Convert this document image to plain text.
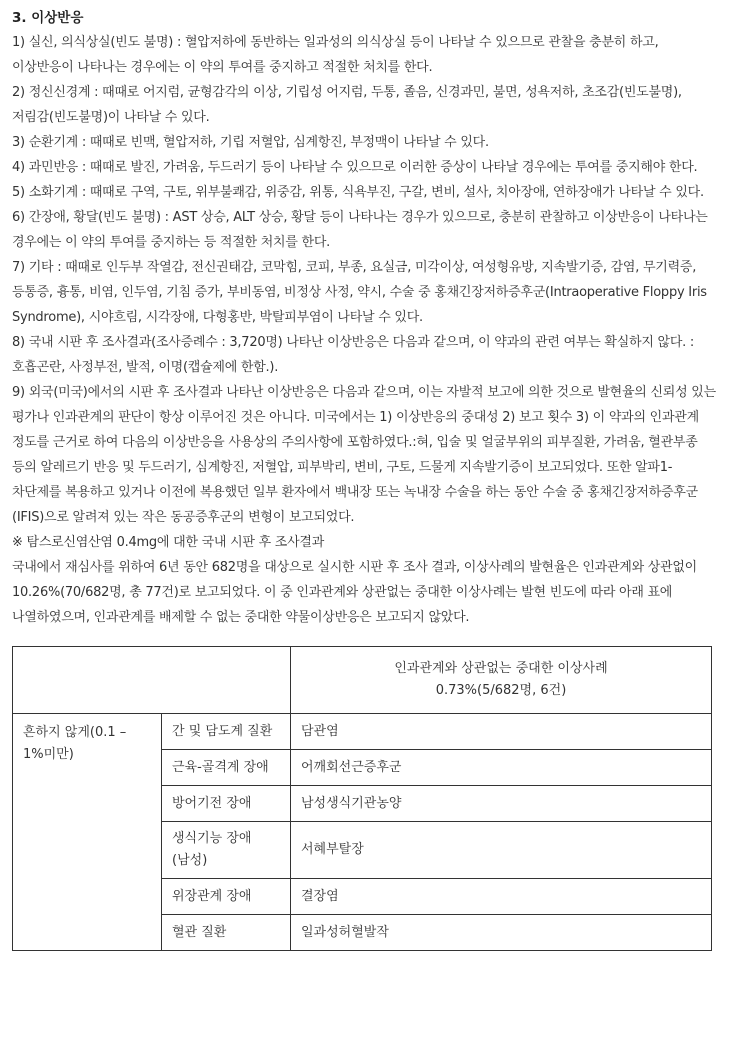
3. 이상반응

1) 실신, 의식상실(빈도 불명) : 혈압저하에 동반하는 일과성의 의식상실 등이 나타날 수 있으므로 관찰을 충분히 하고, 이상반응이 나타나는 경우에는 이 약의 투여를 중지하고 적절한 처치를 한다.

2) 정신신경계 : 때때로 어지럼, 균형감각의 이상, 기립성 어지럼, 두통, 졸음, 신경과민, 불면, 성욕저하, 초조감(빈도불명), 저림감(빈도불명)이 나타날 수 있다.

3) 순환기계 : 때때로 빈맥, 혈압저하, 기립 저혈압, 심계항진, 부정맥이 나타날 수 있다.

4) 과민반응 : 때때로 발진, 가려움, 두드러기 등이 나타날 수 있으므로 이러한 증상이 나타날 경우에는 투여를 중지해야 한다.

5) 소화기계 : 때때로 구역, 구토, 위부불쾌감, 위중감, 위통, 식욕부진, 구갈, 변비, 설사, 치아장애, 연하장애가 나타날 수 있다.

6) 간장애, 황달(빈도 불명) : AST 상승, ALT 상승, 황달 등이 나타나는 경우가 있으므로, 충분히 관찰하고 이상반응이 나타나는 경우에는 이 약의 투여를 중지하는 등 적절한 처치를 한다.

7) 기타 : 때때로 인두부 작열감, 전신권태감, 코막힘, 코피, 부종, 요실금, 미각이상, 여성형유방, 지속발기증, 감염, 무기력증, 등통증, 흉통, 비염, 인두염, 기침 증가, 부비동염, 비정상 사정, 약시, 수술 중 홍채긴장저하증후군(Intraoperative Floppy Iris Syndrome), 시야흐림, 시각장애, 다형홍반, 박탈피부염이 나타날 수 있다.

8) 국내 시판 후 조사결과(조사증례수 : 3,720명) 나타난 이상반응은 다음과 같으며, 이 약과의 관련 여부는 확실하지 않다. : 호흡곤란, 사정부전, 발적, 이명(캡슐제에 한함.).

9) 외국(미국)에서의 시판 후 조사결과 나타난 이상반응은 다음과 같으며, 이는 자발적 보고에 의한 것으로 발현율의 신뢰성 있는 평가나 인과관계의 판단이 항상 이루어진 것은 아니다. 미국에서는 1) 이상반응의 중대성 2) 보고 횟수 3) 이 약과의 인과관계 정도를 근거로 하여 다음의 이상반응을 사용상의 주의사항에 포함하였다.:혀, 입술 및 얼굴부위의 피부질환, 가려움, 혈관부종 등의 알레르기 반응 및 두드러기, 심계항진, 저혈압, 피부박리, 변비, 구토, 드물게 지속발기증이 보고되었다. 또한 알파1-차단제를 복용하고 있거나 이전에 복용했던 일부 환자에서 백내장 또는 녹내장 수술을 하는 동안 수술 중 홍채긴장저하증후군(IFIS)으로 알려져 있는 작은 동공증후군의 변형이 보고되었다.

※ 탐스로신염산염 0.4mg에 대한 국내 시판 후 조사결과

국내에서 재심사를 위하여 6년 동안 682명을 대상으로 실시한 시판 후 조사 결과, 이상사례의 발현율은 인과관계와 상관없이 10.26%(70/682명, 총 77건)로 보고되었다. 이 중 인과관계와 상관없는 중대한 이상사례는 발현 빈도에 따라 아래 표에 나열하였으며, 인과관계를 배제할 수 없는 중대한 약물이상반응은 보고되지 않았다.

		인과관계와 상관없는 중대한 이상사례
0.73%(5/682명, 6건)

흔하지 않게(0.1 – 1%미만)	간 및 담도계 질환	담관염
	근육-골격계 장애	어깨회선근증후군
	방어기전 장애	남성생식기관농양
	생식기능 장애(남성)	서혜부탈장
	위장관계 장애	결장염
	혈관 질환	일과성허혈발작
